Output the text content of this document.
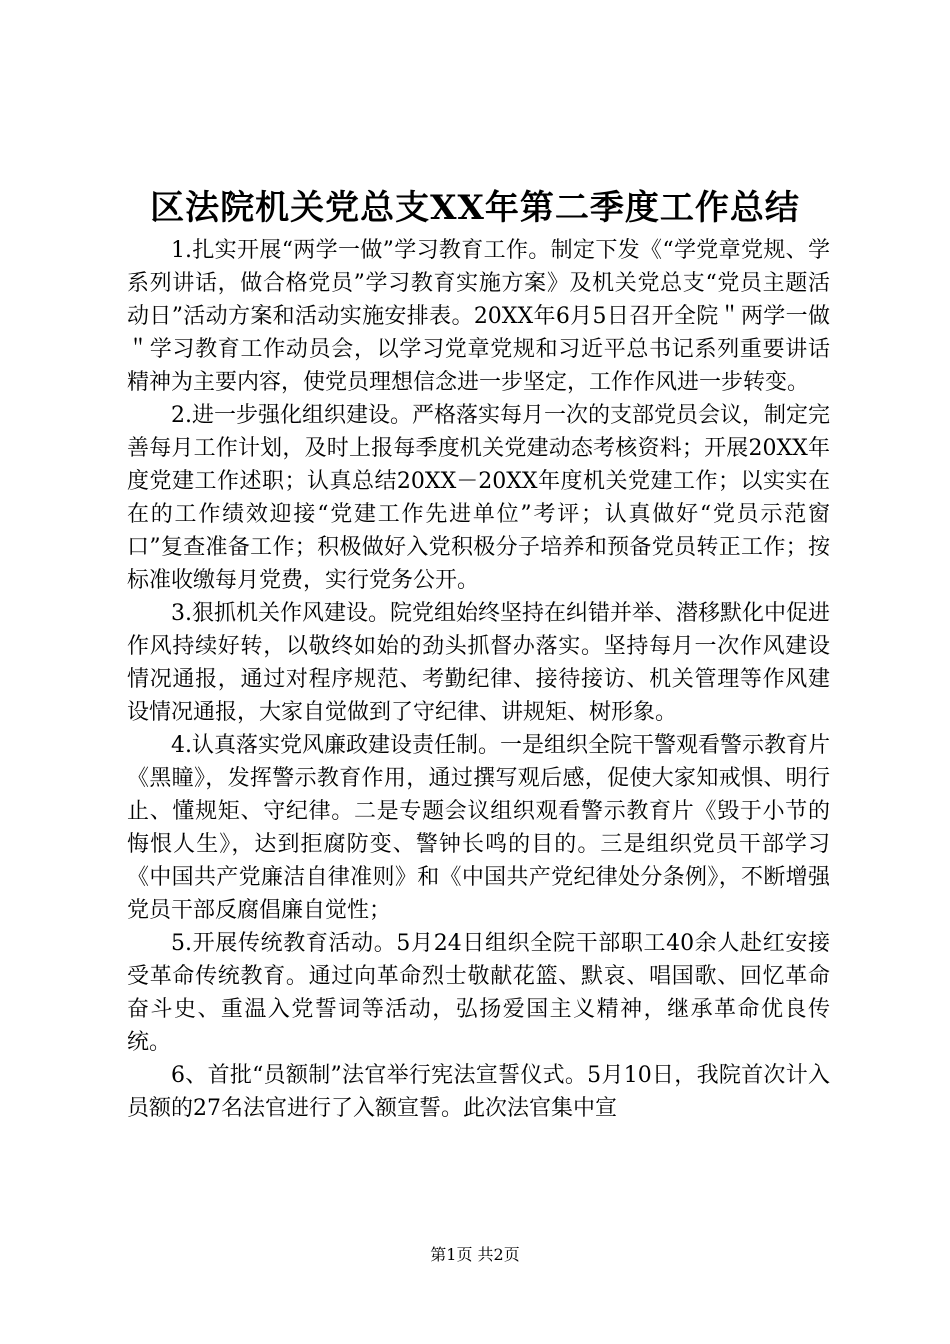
区法院机关党总支XX年第二季度工作总结

1.扎实开展“两学一做”学习教育工作。制定下发《“学党章党规、学系列讲话，做合格党员”学习教育实施方案》及机关党总支“党员主题活动日”活动方案和活动实施安排表。20XX年6月5日召开全院＂两学一做＂学习教育工作动员会，以学习党章党规和习近平总书记系列重要讲话精神为主要内容，使党员理想信念进一步坚定，工作作风进一步转变。

2.进一步强化组织建设。严格落实每月一次的支部党员会议，制定完善每月工作计划，及时上报每季度机关党建动态考核资料；开展20XX年度党建工作述职；认真总结20XX－20XX年度机关党建工作；以实实在在的工作绩效迎接“党建工作先进单位”考评；认真做好“党员示范窗口”复查准备工作；积极做好入党积极分子培养和预备党员转正工作；按标准收缴每月党费，实行党务公开。

3.狠抓机关作风建设。院党组始终坚持在纠错并举、潜移默化中促进作风持续好转，以敬终如始的劲头抓督办落实。坚持每月一次作风建设情况通报，通过对程序规范、考勤纪律、接待接访、机关管理等作风建设情况通报，大家自觉做到了守纪律、讲规矩、树形象。

4.认真落实党风廉政建设责任制。一是组织全院干警观看警示教育片《黑瞳》，发挥警示教育作用，通过撰写观后感，促使大家知戒惧、明行止、懂规矩、守纪律。二是专题会议组织观看警示教育片《毁于小节的悔恨人生》，达到拒腐防变、警钟长鸣的目的。三是组织党员干部学习《中国共产党廉洁自律准则》和《中国共产党纪律处分条例》，不断增强党员干部反腐倡廉自觉性；

5.开展传统教育活动。5月24日组织全院干部职工40余人赴红安接受革命传统教育。通过向革命烈士敬献花篮、默哀、唱国歌、回忆革命奋斗史、重温入党誓词等活动，弘扬爱国主义精神，继承革命优良传统。

6、首批“员额制”法官举行宪法宣誓仪式。5月10日，我院首次计入员额的27名法官进行了入额宣誓。此次法官集中宣

第1页 共2页
